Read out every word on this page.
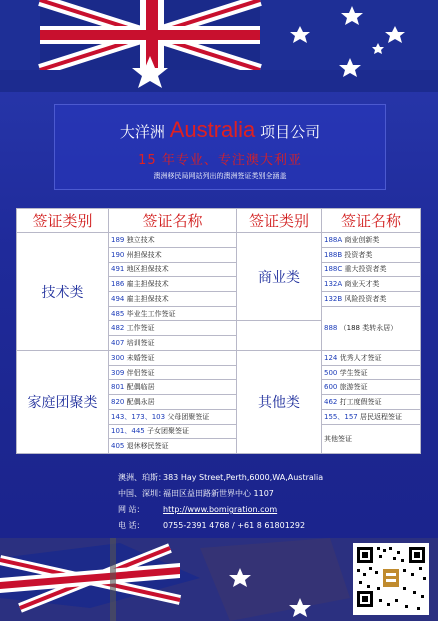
大洋洲 Australia 项目公司
15 年专业、专注澳大利亚
澳洲移民局网站列出的澳洲签证类别全涵盖
签证类别	签证名称	签证类别	签证名称
技术类	189 独立技术	商业类	188A 商业创新类
	190 州担保技术		188B 投资者类
	491 地区担保技术		188C 重大投资者类
	186 雇主担保技术		132A 商业天才类
	494 雇主担保技术		132B 风险投资者类
	485 毕业生工作签证		888 （188 类转永居）
	482 工作签证		
	407 培训签证		
家庭团聚类	300 未婚签证	其他类	124 优秀人才签证
	309 伴侣签证		500 学生签证
	801 配偶临居		600 旅游签证
	820 配偶永居		462 打工度假签证
	143、173、103 父母团聚签证		155、157 居民返程签证
	101、445 子女团聚签证		其他签证
	405 退休移民签证		
澳洲、珀斯：383 Hay Street,Perth,6000,WA,Australia
中国、深圳：福田区益田路新世界中心 1107
网 站： http://www.bomigration.com
电 话： 0755-2391 4768 / +61 8 61801292
